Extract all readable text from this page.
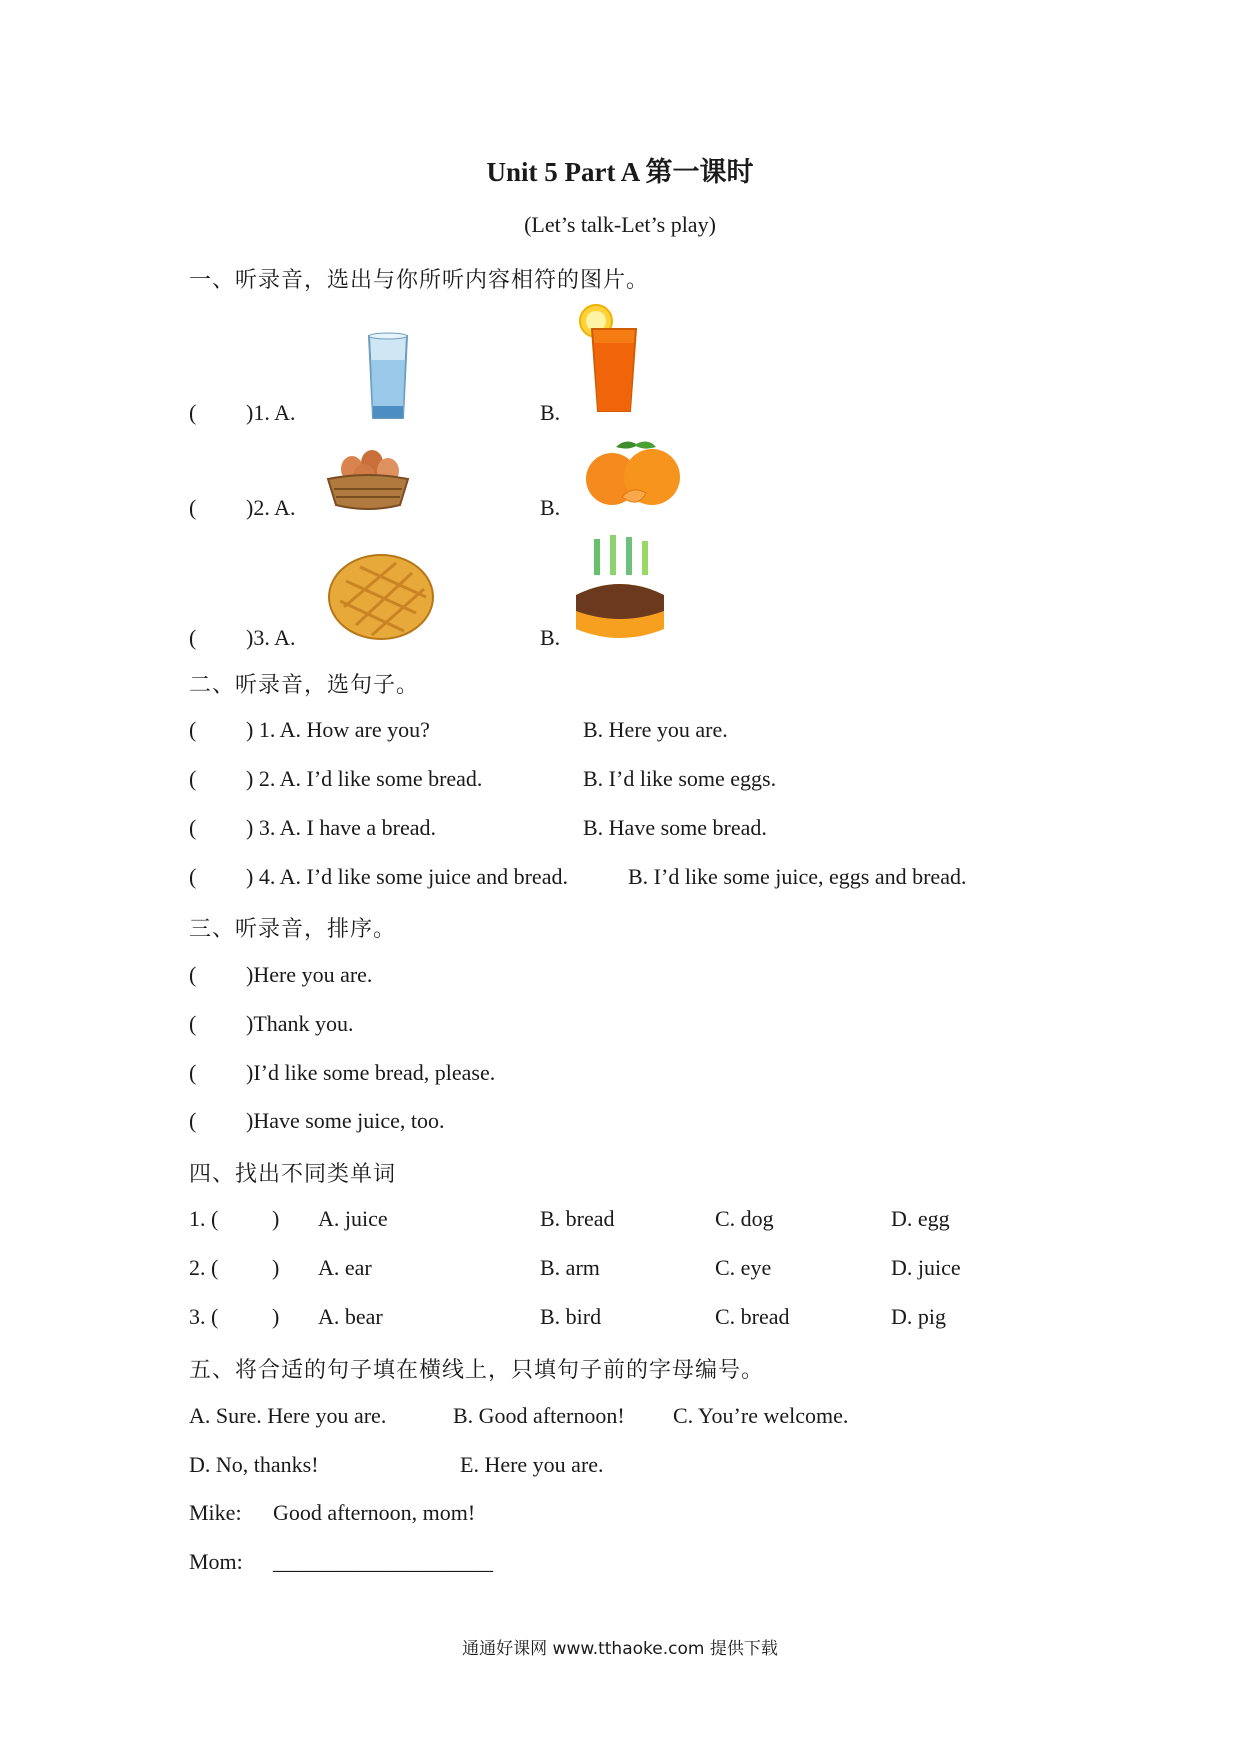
Unit 5 Part A 第一课时
(Let’s talk-Let’s play)
一、听录音，选出与你所听内容相符的图片。
( )1. A.	B.
( )2. A.	B.
( )3. A.	B.
二、听录音，选句子。
( ) 1. A. How are you?	B. Here you are.
( ) 2. A. I’d like some bread.	B. I’d like some eggs.
( ) 3. A. I have a bread.	B. Have some bread.
( ) 4. A. I’d like some juice and bread.	B. I’d like some juice, eggs and bread.
三、听录音，排序。
( )Here you are.
( )Thank you.
( )I’d like some bread, please.
( )Have some juice, too.
四、找出不同类单词
1. ( ) A. juice	B. bread	C. dog	D. egg
2. ( ) A. ear	B. arm	C. eye	D. juice
3. ( ) A. bear	B. bird	C. bread	D. pig
五、将合适的句子填在横线上，只填句子前的字母编号。
A. Sure. Here you are.	B. Good afternoon! C. You’re welcome.
D. No, thanks!	E. Here you are.
Mike: Good afternoon, mom!
Mom: ____________________
通通好课网 www.tthaoke.com 提供下载
